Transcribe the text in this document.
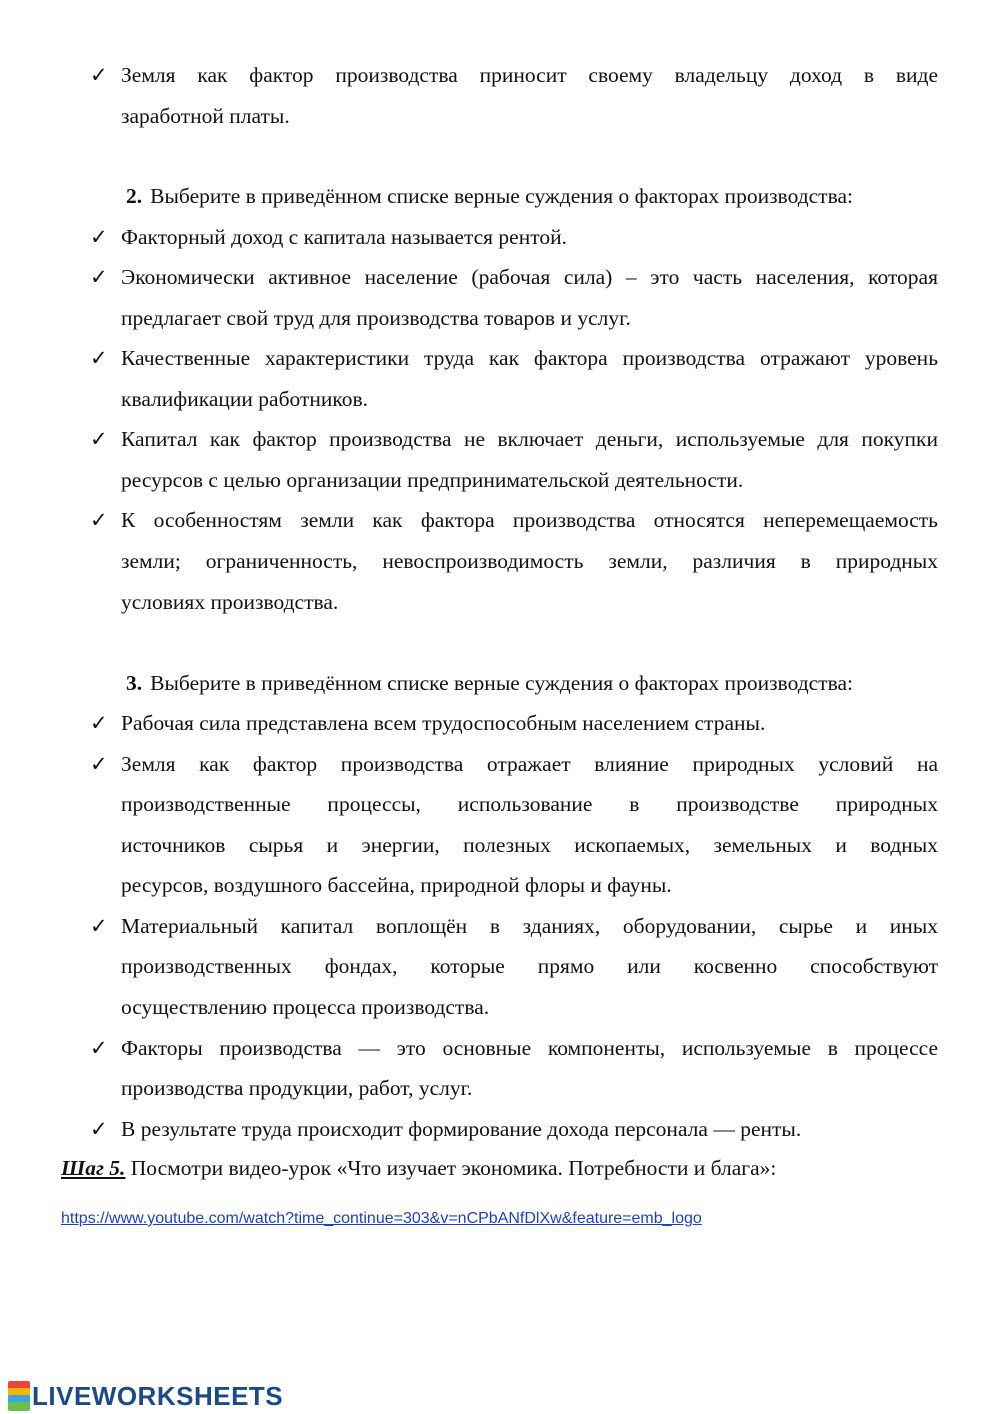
✓ Земля как фактор производства приносит своему владельцу доход в виде
заработной платы.
2. Выберите в приведённом списке верные суждения о факторах производства:
✓ Факторный доход с капитала называется рентой.
✓ Экономически активное население (рабочая сила) – это часть населения, которая
предлагает свой труд для производства товаров и услуг.
✓ Качественные характеристики труда как фактора производства отражают уровень
квалификации работников.
✓ Капитал как фактор производства не включает деньги, используемые для покупки
ресурсов с целью организации предпринимательской деятельности.
✓ К особенностям земли как фактора производства относятся неперемещаемость
земли; ограниченность, невоспроизводимость земли, различия в природных
условиях производства.
3. Выберите в приведённом списке верные суждения о факторах производства:
✓ Рабочая сила представлена всем трудоспособным населением страны.
✓ Земля как фактор производства отражает влияние природных условий на
производственные процессы, использование в производстве природных
источников сырья и энергии, полезных ископаемых, земельных и водных
ресурсов, воздушного бассейна, природной флоры и фауны.
✓ Материальный капитал воплощён в зданиях, оборудовании, сырье и иных
производственных фондах, которые прямо или косвенно способствуют
осуществлению процесса производства.
✓ Факторы производства — это основные компоненты, используемые в процессе
производства продукции, работ, услуг.
✓ В результате труда происходит формирование дохода персонала — ренты.
Шаг 5. Посмотри видео-урок «Что изучает экономика. Потребности и блага»:
https://www.youtube.com/watch?time_continue=303&v=nCPbANfDlXw&feature=emb_logo
LIVEWORKSHEETS
